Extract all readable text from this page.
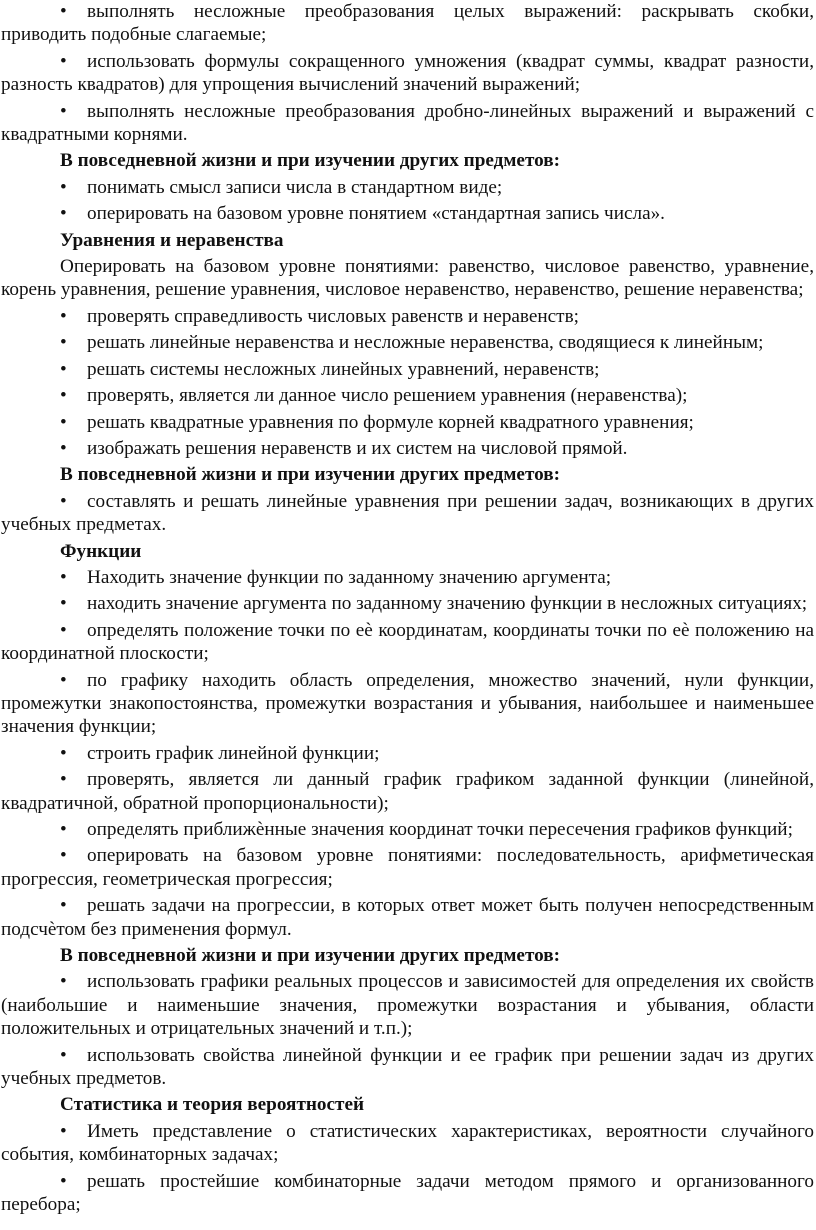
• выполнять несложные преобразования целых выражений: раскрывать скобки, приводить подобные слагаемые;

• использовать формулы сокращенного умножения (квадрат суммы, квадрат разности, разность квадратов) для упрощения вычислений значений выражений;

• выполнять несложные преобразования дробно-линейных выражений и выражений с квадратными корнями.

В повседневной жизни и при изучении других предметов:

• понимать смысл записи числа в стандартном виде;

• оперировать на базовом уровне понятием «стандартная запись числа».

Уравнения и неравенства

Оперировать на базовом уровне понятиями: равенство, числовое равенство, уравнение, корень уравнения, решение уравнения, числовое неравенство, неравенство, решение неравенства;

• проверять справедливость числовых равенств и неравенств;

• решать линейные неравенства и несложные неравенства, сводящиеся к линейным;

• решать системы несложных линейных уравнений, неравенств;

• проверять, является ли данное число решением уравнения (неравенства);

• решать квадратные уравнения по формуле корней квадратного уравнения;

• изображать решения неравенств и их систем на числовой прямой.

В повседневной жизни и при изучении других предметов:

• составлять и решать линейные уравнения при решении задач, возникающих в других учебных предметах.

Функции

• Находить значение функции по заданному значению аргумента;

• находить значение аргумента по заданному значению функции в несложных ситуациях;

• определять положение точки по eè координатам, координаты точки по eè положению на координатной плоскости;

• по графику находить область определения, множество значений, нули функции, промежутки знакопостоянства, промежутки возрастания и убывания, наибольшее и наименьшее значения функции;

• строить график линейной функции;

• проверять, является ли данный график графиком заданной функции (линейной, квадратичной, обратной пропорциональности);

• определять приближѐнные значения координат точки пересечения графиков функций;

• оперировать на базовом уровне понятиями: последовательность, арифметическая прогрессия, геометрическая прогрессия;

• решать задачи на прогрессии, в которых ответ может быть получен непосредственным подсчѐтом без применения формул.

В повседневной жизни и при изучении других предметов:

• использовать графики реальных процессов и зависимостей для определения их свойств (наибольшие и наименьшие значения, промежутки возрастания и убывания, области положительных и отрицательных значений и т.п.);

• использовать свойства линейной функции и ее график при решении задач из других учебных предметов.

Статистика и теория вероятностей

• Иметь представление о статистических характеристиках, вероятности случайного события, комбинаторных задачах;

• решать простейшие комбинаторные задачи методом прямого и организованного перебора;
